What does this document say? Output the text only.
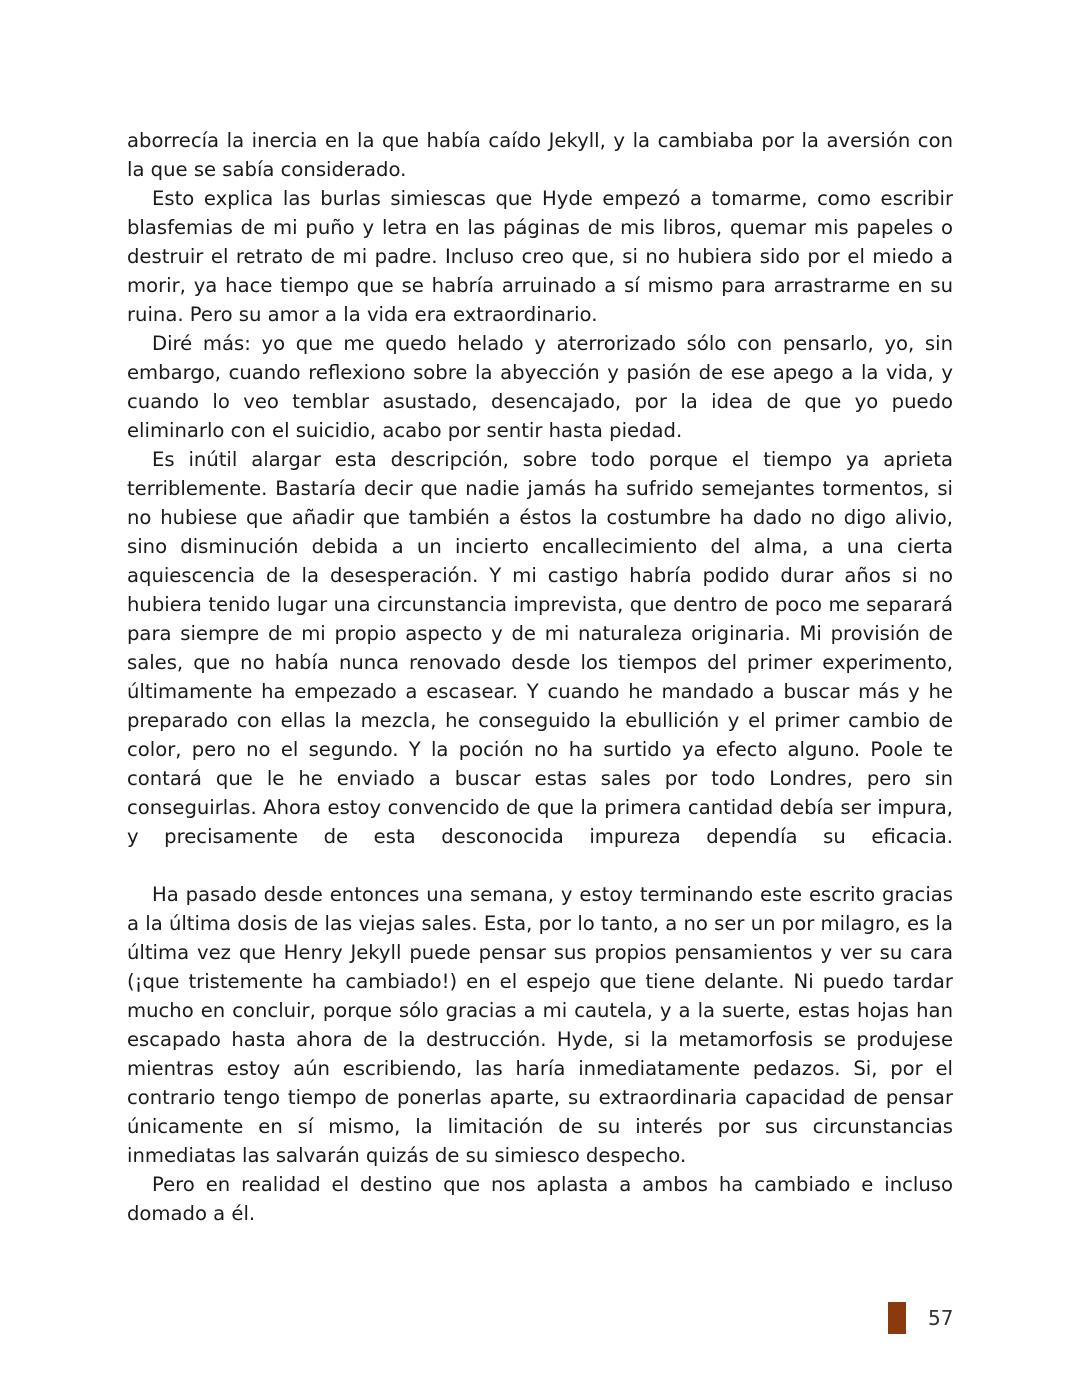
aborrecía la inercia en la que había caído Jekyll, y la cambiaba por la aversión con la que se sabía considerado.

Esto explica las burlas simiescas que Hyde empezó a tomarme, como escribir blasfemias de mi puño y letra en las páginas de mis libros, quemar mis papeles o destruir el retrato de mi padre. Incluso creo que, si no hubiera sido por el miedo a morir, ya hace tiempo que se habría arruinado a sí mismo para arrastrarme en su ruina. Pero su amor a la vida era extraordinario.

Diré más: yo que me quedo helado y aterrorizado sólo con pensarlo, yo, sin embargo, cuando reflexiono sobre la abyección y pasión de ese apego a la vida, y cuando lo veo temblar asustado, desencajado, por la idea de que yo puedo eliminarlo con el suicidio, acabo por sentir hasta piedad.

Es inútil alargar esta descripción, sobre todo porque el tiempo ya aprieta terriblemente. Bastaría decir que nadie jamás ha sufrido semejantes tormentos, si no hubiese que añadir que también a éstos la costumbre ha dado no digo alivio, sino disminución debida a un incierto encallecimiento del alma, a una cierta aquiescencia de la desesperación. Y mi castigo habría podido durar años si no hubiera tenido lugar una circunstancia imprevista, que dentro de poco me separará para siempre de mi propio aspecto y de mi naturaleza originaria. Mi provisión de sales, que no había nunca renovado desde los tiempos del primer experimento, últimamente ha empezado a escasear. Y cuando he mandado a buscar más y he preparado con ellas la mezcla, he conseguido la ebullición y el primer cambio de color, pero no el segundo. Y la poción no ha surtido ya efecto alguno. Poole te contará que le he enviado a buscar estas sales por todo Londres, pero sin conseguirlas. Ahora estoy convencido de que la primera cantidad debía ser impura, y precisamente de esta desconocida impureza dependía su eficacia.

Ha pasado desde entonces una semana, y estoy terminando este escrito gracias a la última dosis de las viejas sales. Esta, por lo tanto, a no ser un por milagro, es la última vez que Henry Jekyll puede pensar sus propios pensamientos y ver su cara (¡que tristemente ha cambiado!) en el espejo que tiene delante. Ni puedo tardar mucho en concluir, porque sólo gracias a mi cautela, y a la suerte, estas hojas han escapado hasta ahora de la destrucción. Hyde, si la metamorfosis se produjese mientras estoy aún escribiendo, las haría inmediatamente pedazos. Si, por el contrario tengo tiempo de ponerlas aparte, su extraordinaria capacidad de pensar únicamente en sí mismo, la limitación de su interés por sus circunstancias inmediatas las salvarán quizás de su simiesco despecho.

Pero en realidad el destino que nos aplasta a ambos ha cambiado e incluso domado a él.

57
